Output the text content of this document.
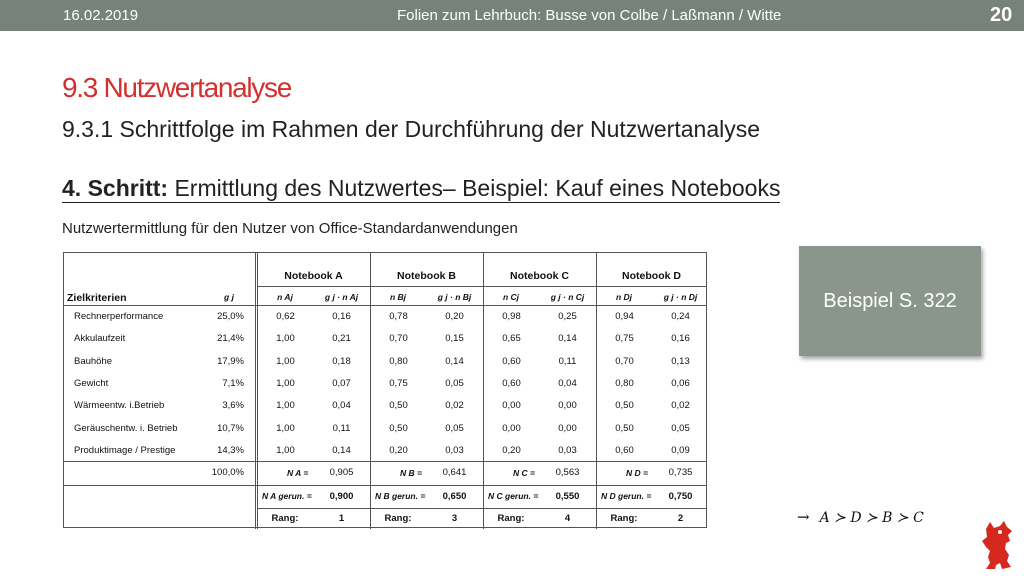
16.02.2019	Folien zum Lehrbuch: Busse von Colbe / Laßmann / Witte	20
9.3 Nutzwertanalyse
9.3.1 Schrittfolge im Rahmen der Durchführung der Nutzwertanalyse
4. Schritt: Ermittlung des Nutzwertes– Beispiel: Kauf eines Notebooks
Nutzwertermittlung für den Nutzer von Office-Standardanwendungen
Beispiel S. 322
Zielkriterien	g j
Notebook A
n Aj	g j · n Aj
Notebook B
n Bj	g j · n Bj
Notebook C
n Cj	g j · n Cj
Notebook D
n Dj	g j · n Dj
Rechnerperformance	25,0%	0,62	0,16	0,78	0,20	0,98	0,25	0,94	0,24
Akkulaufzeit	21,4%	1,00	0,21	0,70	0,15	0,65	0,14	0,75	0,16
Bauhöhe	17,9%	1,00	0,18	0,80	0,14	0,60	0,11	0,70	0,13
Gewicht	7,1%	1,00	0,07	0,75	0,05	0,60	0,04	0,80	0,06
Wärmeentw. i.Betrieb	3,6%	1,00	0,04	0,50	0,02	0,00	0,00	0,50	0,02
Geräuschentw. i. Betrieb	10,7%	1,00	0,11	0,50	0,05	0,00	0,00	0,50	0,05
Produktimage / Prestige	14,3%	1,00	0,14	0,20	0,03	0,20	0,03	0,60	0,09
100,0%	N A =	0,905	N B =	0,641	N C =	0,563	N D =	0,735
N A gerun. =	0,900	N B gerun. =	0,650	N C gerun. =	0,550	N D gerun. =	0,750
Rang:	1	Rang:	3	Rang:	4	Rang:	2	→ A ≻ D ≻ B ≻ C
